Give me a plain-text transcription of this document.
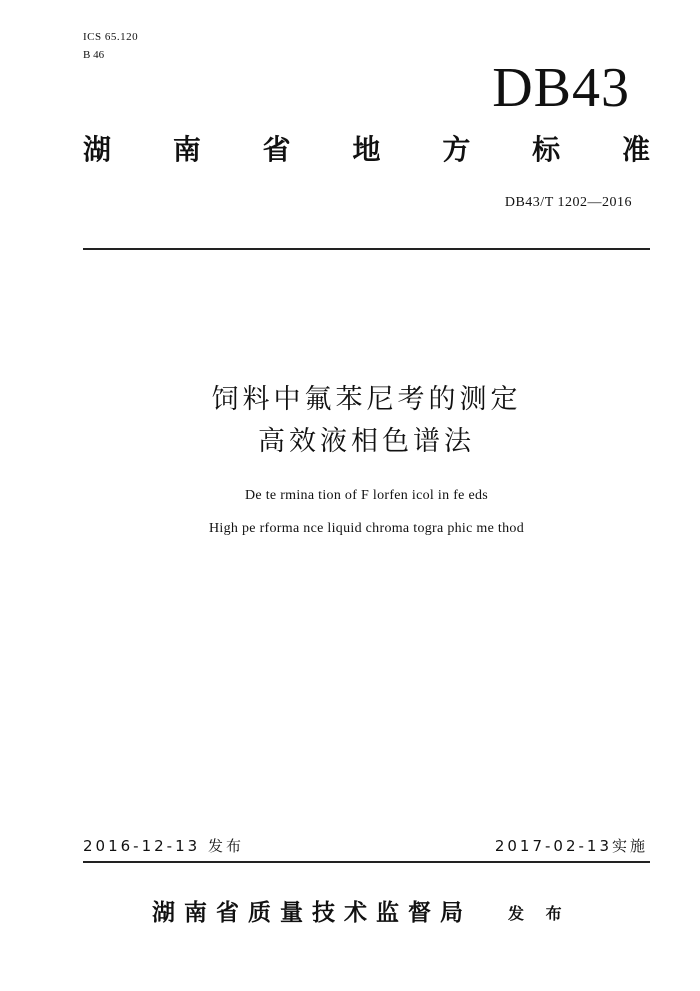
ICS 65.120
B 46
DB43
湖 南 省 地 方 标 准
DB43/T 1202—2016
饲料中氟苯尼考的测定
高效液相色谱法
De te rmina tion of F lorfen icol in fe eds
High pe rforma nce liquid chroma togra phic me thod
2016-12-13 发布	2017-02-13实施
湖南省质量技术监督局 发 布
